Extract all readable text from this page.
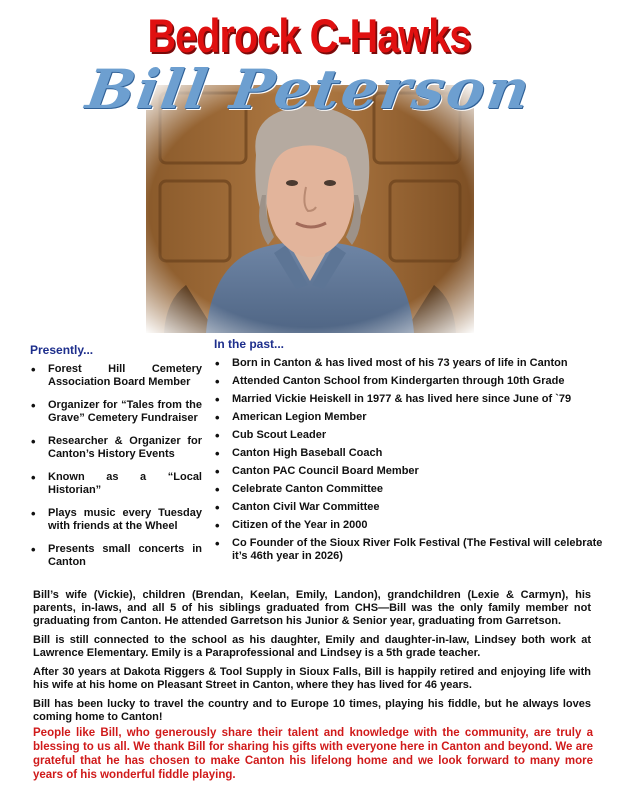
Bedrock C-Hawks
Bill Peterson
Presently...
• Forest Hill Cemetery Association Board Member
• Organizer for “Tales from the Grave” Cemetery Fundraiser
• Researcher & Organizer for Canton’s History Events
• Known as a “Local Historian”
• Plays music every Tuesday with friends at the Wheel
• Presents small concerts in Canton
In the past...
• Born in Canton & has lived most of his 73 years of life in Canton
• Attended Canton School from Kindergarten through 10th Grade
• Married Vickie Heiskell in 1977 & has lived here since June of `79
• American Legion Member
• Cub Scout Leader
• Canton High Baseball Coach
• Canton PAC Council Board Member
• Celebrate Canton Committee
• Canton Civil War Committee
• Citizen of the Year in 2000
• Co Founder of the Sioux River Folk Festival (The Festival will celebrate it’s 46th year in 2026)

Bill’s wife (Vickie), children (Brendan, Keelan, Emily, Landon), grandchildren (Lexie & Carmyn), his parents, in-laws, and all 5 of his siblings graduated from CHS—Bill was the only family member not graduating from Canton. He attended Garretson his Junior & Senior year, graduating from Garretson.

Bill is still connected to the school as his daughter, Emily and daughter-in-law, Lindsey both work at Lawrence Elementary. Emily is a Paraprofessional and Lindsey is a 5th grade teacher.

After 30 years at Dakota Riggers & Tool Supply in Sioux Falls, Bill is happily retired and enjoying life with his wife at his home on Pleasant Street in Canton, where they has lived for 46 years.

Bill has been lucky to travel the country and to Europe 10 times, playing his fiddle, but he always loves coming home to Canton!

People like Bill, who generously share their talent and knowledge with the community, are truly a blessing to us all. We thank Bill for sharing his gifts with everyone here in Canton and beyond. We are grateful that he has chosen to make Canton his lifelong home and we look forward to many more years of his wonderful fiddle playing.
